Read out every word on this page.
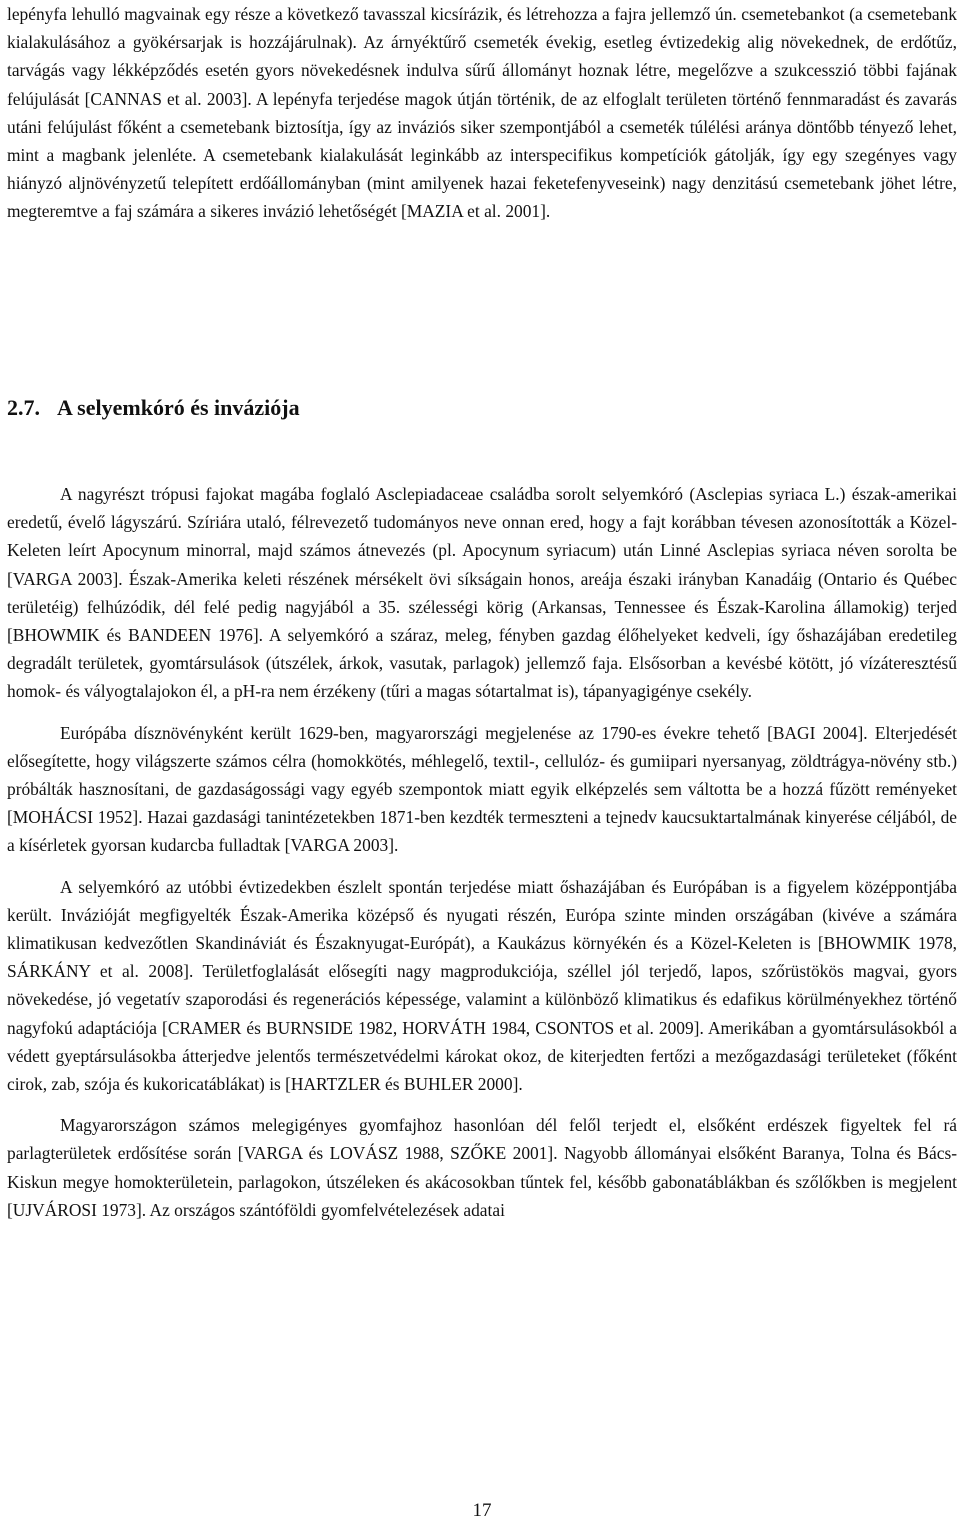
lepényfa lehulló magvainak egy része a következő tavasszal kicsírázik, és létrehozza a fajra jellemző ún. csemetebankot (a csemetebank kialakulásához a gyökérsarjak is hozzájárulnak). Az árnyéktűrő csemeték évekig, esetleg évtizedekig alig növekednek, de erdőtűz, tarvágás vagy lékképződés esetén gyors növekedésnek indulva sűrű állományt hoznak létre, megelőzve a szukcesszió többi fajának felújulását [CANNAS et al. 2003]. A lepényfa terjedése magok útján történik, de az elfoglalt területen történő fennmaradást és zavarás utáni felújulást főként a csemetebank biztosítja, így az inváziós siker szempontjából a csemeték túlélési aránya döntőbb tényező lehet, mint a magbank jelenléte. A csemetebank kialakulását leginkább az interspecifikus kompetíciók gátolják, így egy szegényes vagy hiányzó aljnövényzetű telepített erdőállományban (mint amilyenek hazai feketefenyveseink) nagy denzitású csemetebank jöhet létre, megteremtve a faj számára a sikeres invázió lehetőségét [MAZIA et al. 2001].

2.7. A selyemkóró és inváziója

A nagyrészt trópusi fajokat magába foglaló Asclepiadaceae családba sorolt selyemkóró (Asclepias syriaca L.) észak-amerikai eredetű, évelő lágyszárú. Szíriára utaló, félrevezető tudományos neve onnan ered, hogy a fajt korábban tévesen azonosították a Közel-Keleten leírt Apocynum minorral, majd számos átnevezés (pl. Apocynum syriacum) után Linné Asclepias syriaca néven sorolta be [VARGA 2003]. Észak-Amerika keleti részének mérsékelt övi síkságain honos, areája északi irányban Kanadáig (Ontario és Québec területéig) felhúzódik, dél felé pedig nagyjából a 35. szélességi körig (Arkansas, Tennessee és Észak-Karolina államokig) terjed [BHOWMIK és BANDEEN 1976]. A selyemkóró a száraz, meleg, fényben gazdag élőhelyeket kedveli, így őshazájában eredetileg degradált területek, gyomtársulások (útszélek, árkok, vasutak, parlagok) jellemző faja. Elsősorban a kevésbé kötött, jó vízáteresztésű homok- és vályogtalajokon él, a pH-ra nem érzékeny (tűri a magas sótartalmat is), tápanyagigénye csekély.

Európába dísznövényként került 1629-ben, magyarországi megjelenése az 1790-es évekre tehető [BAGI 2004]. Elterjedését elősegítette, hogy világszerte számos célra (homokkötés, méhlegelő, textil-, cellulóz- és gumiipari nyersanyag, zöldtrágya-növény stb.) próbálták hasznosítani, de gazdaságossági vagy egyéb szempontok miatt egyik elképzelés sem váltotta be a hozzá fűzött reményeket [MOHÁCSI 1952]. Hazai gazdasági tanintézetekben 1871-ben kezdték termeszteni a tejnedv kaucsuktartalmának kinyerése céljából, de a kísérletek gyorsan kudarcba fulladtak [VARGA 2003].

A selyemkóró az utóbbi évtizedekben észlelt spontán terjedése miatt őshazájában és Európában is a figyelem középpontjába került. Invázióját megfigyelték Észak-Amerika középső és nyugati részén, Európa szinte minden országában (kivéve a számára klimatikusan kedvezőtlen Skandináviát és Északnyugat-Európát), a Kaukázus környékén és a Közel-Keleten is [BHOWMIK 1978, SÁRKÁNY et al. 2008]. Területfoglalását elősegíti nagy magprodukciója, széllel jól terjedő, lapos, szőrüstökös magvai, gyors növekedése, jó vegetatív szaporodási és regenerációs képessége, valamint a különböző klimatikus és edafikus körülményekhez történő nagyfokú adaptációja [CRAMER és BURNSIDE 1982, HORVÁTH 1984, CSONTOS et al. 2009]. Amerikában a gyomtársulásokból a védett gyeptársulásokba átterjedve jelentős természetvédelmi károkat okoz, de kiterjedten fertőzi a mezőgazdasági területeket (főként cirok, zab, szója és kukoricatáblákat) is [HARTZLER és BUHLER 2000].

Magyarországon számos melegigényes gyomfajhoz hasonlóan dél felől terjedt el, elsőként erdészek figyeltek fel rá parlagterületek erdősítése során [VARGA és LOVÁSZ 1988, SZŐKE 2001]. Nagyobb állományai elsőként Baranya, Tolna és Bács-Kiskun megye homokterületein, parlagokon, útszéleken és akácosokban tűntek fel, később gabonatáblákban és szőlőkben is megjelent [UJVÁROSI 1973]. Az országos szántóföldi gyomfelvételezések adatai

17
